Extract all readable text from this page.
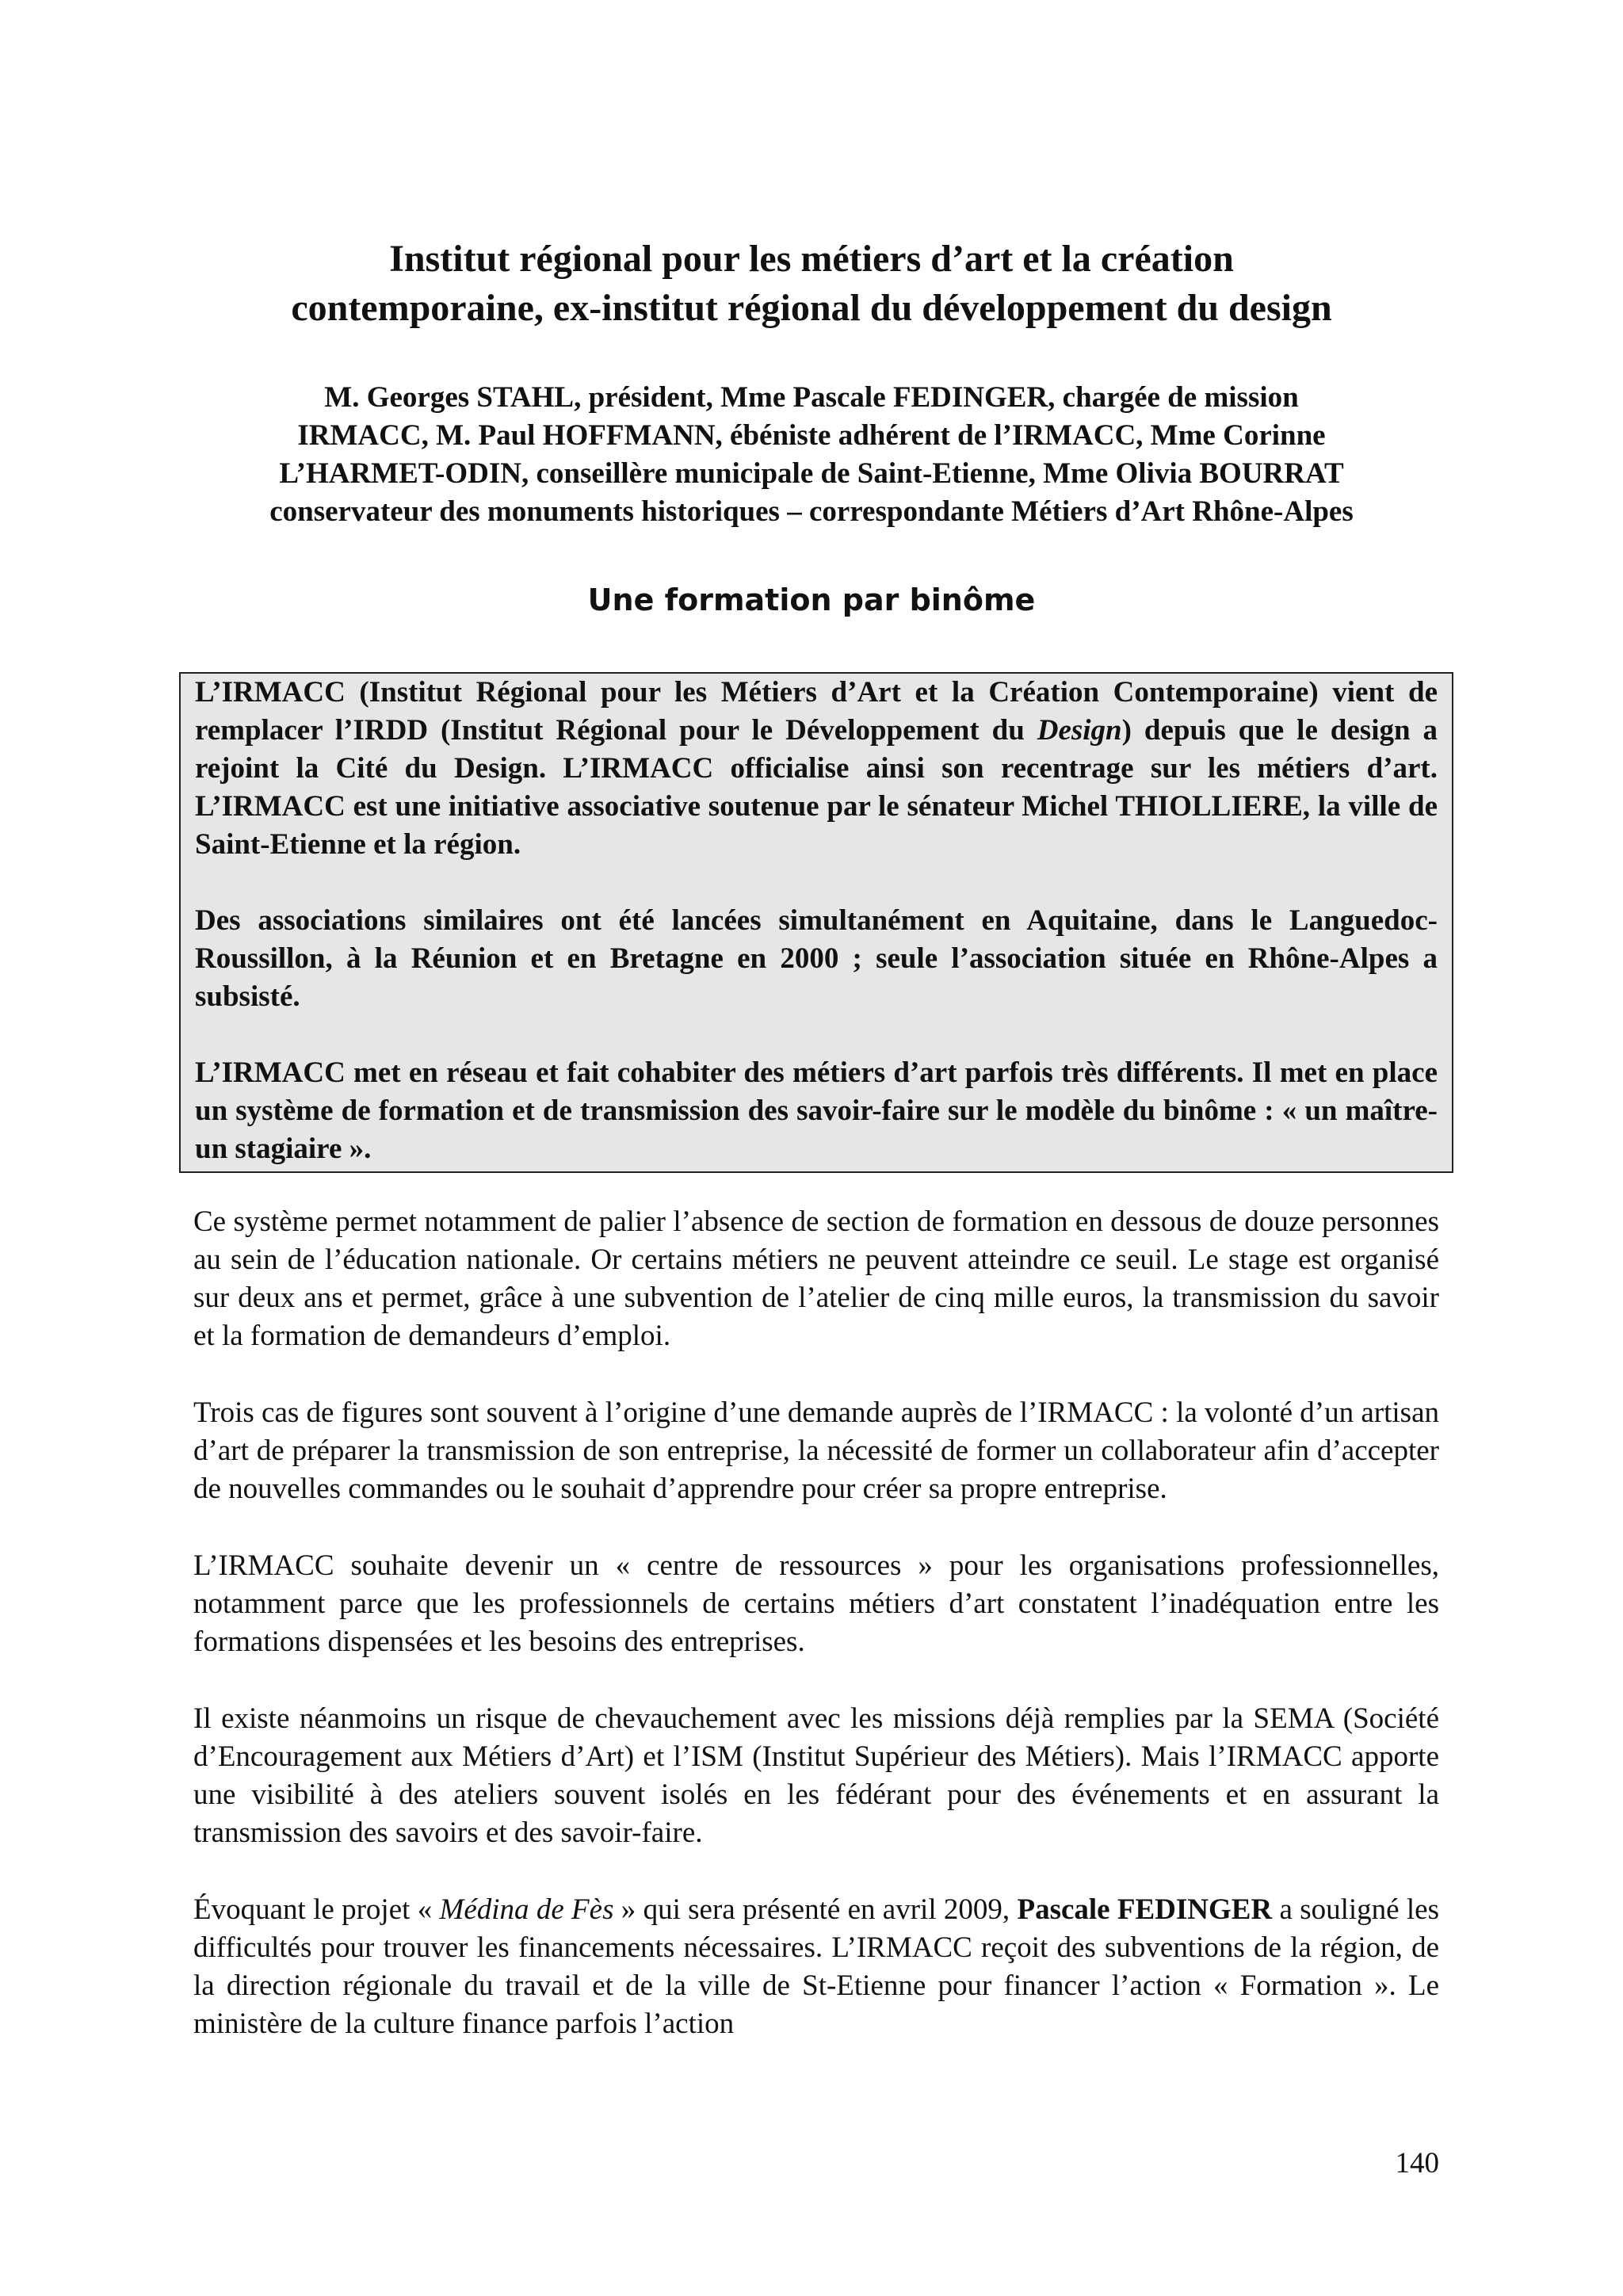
Institut régional pour les métiers d’art et la création
contemporaine, ex-institut régional du développement du design

M. Georges STAHL, président, Mme Pascale FEDINGER, chargée de mission
IRMACC, M. Paul HOFFMANN, ébéniste adhérent de l’IRMACC, Mme Corinne
L’HARMET-ODIN, conseillère municipale de Saint-Etienne, Mme Olivia BOURRAT
conservateur des monuments historiques – correspondante Métiers d’Art Rhône-Alpes

Une formation par binôme

L’IRMACC (Institut Régional pour les Métiers d’Art et la Création Contemporaine) vient de remplacer l’IRDD (Institut Régional pour le Développement du Design) depuis que le design a rejoint la Cité du Design. L’IRMACC officialise ainsi son recentrage sur les métiers d’art. L’IRMACC est une initiative associative soutenue par le sénateur Michel THIOLLIERE, la ville de Saint-Etienne et la région.

Des associations similaires ont été lancées simultanément en Aquitaine, dans le Languedoc-Roussillon, à la Réunion et en Bretagne en 2000 ; seule l’association située en Rhône-Alpes a subsisté.

L’IRMACC met en réseau et fait cohabiter des métiers d’art parfois très différents. Il met en place un système de formation et de transmission des savoir-faire sur le modèle du binôme : « un maître-un stagiaire ».

Ce système permet notamment de palier l’absence de section de formation en dessous de douze personnes au sein de l’éducation nationale. Or certains métiers ne peuvent atteindre ce seuil. Le stage est organisé sur deux ans et permet, grâce à une subvention de l’atelier de cinq mille euros, la transmission du savoir et la formation de demandeurs d’emploi.

Trois cas de figures sont souvent à l’origine d’une demande auprès de l’IRMACC : la volonté d’un artisan d’art de préparer la transmission de son entreprise, la nécessité de former un collaborateur afin d’accepter de nouvelles commandes ou le souhait d’apprendre pour créer sa propre entreprise.

L’IRMACC souhaite devenir un « centre de ressources » pour les organisations professionnelles, notamment parce que les professionnels de certains métiers d’art constatent l’inadéquation entre les formations dispensées et les besoins des entreprises.

Il existe néanmoins un risque de chevauchement avec les missions déjà remplies par la SEMA (Société d’Encouragement aux Métiers d’Art) et l’ISM (Institut Supérieur des Métiers). Mais l’IRMACC apporte une visibilité à des ateliers souvent isolés en les fédérant pour des événements et en assurant la transmission des savoirs et des savoir-faire.

Évoquant le projet « Médina de Fès » qui sera présenté en avril 2009, Pascale FEDINGER a souligné les difficultés pour trouver les financements nécessaires. L’IRMACC reçoit des subventions de la région, de la direction régionale du travail et de la ville de St-Etienne pour financer l’action « Formation ». Le ministère de la culture finance parfois l’action

140
